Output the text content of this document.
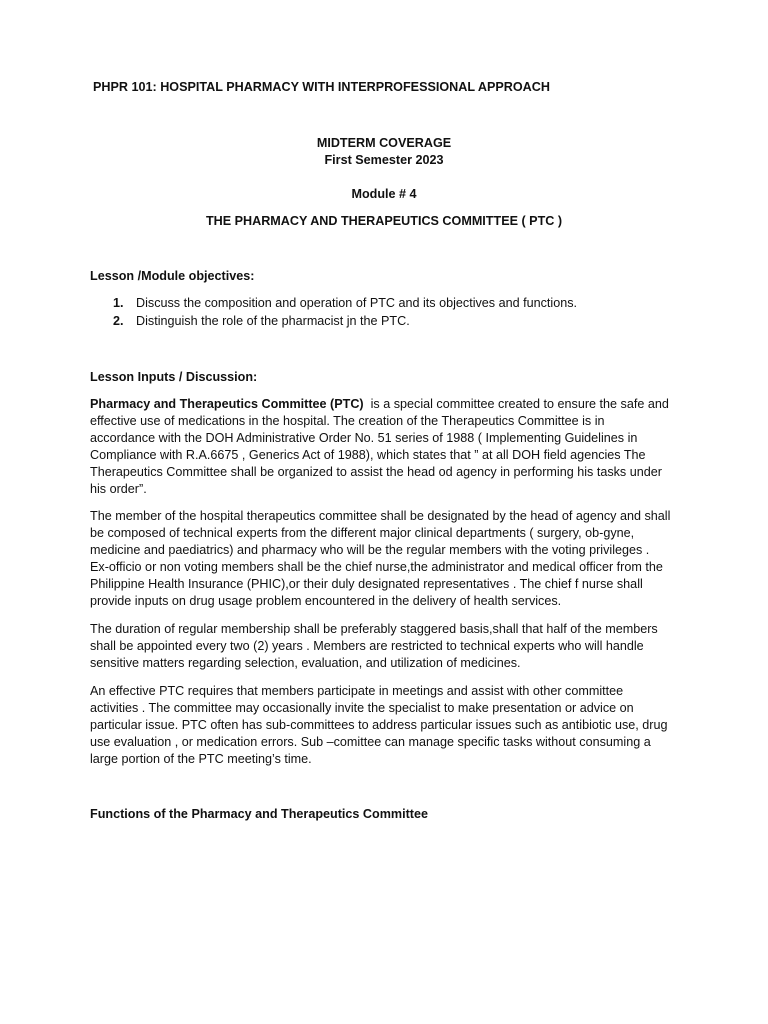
PHPR 101: HOSPITAL PHARMACY WITH INTERPROFESSIONAL APPROACH
MIDTERM COVERAGE
First Semester 2023
Module # 4
THE PHARMACY AND THERAPEUTICS COMMITTEE ( PTC )
Lesson /Module objectives:
1. Discuss the composition and operation of PTC and its objectives and functions.
2. Distinguish the role of the pharmacist jn the PTC.
Lesson Inputs / Discussion:
Pharmacy and Therapeutics Committee (PTC)  is a special committee created to ensure the safe and
effective use of medications in the hospital. The creation of the Therapeutics Committee is in
accordance with the DOH Administrative Order No. 51 series of 1988 ( Implementing Guidelines in
Compliance with R.A.6675 , Generics Act of 1988), which states that ” at all DOH field agencies The
Therapeutics Committee shall be organized to assist the head od agency in performing his tasks under
his order”.
The member of the hospital therapeutics committee shall be designated by the head of agency and shall
be composed of technical experts from the different major clinical departments ( surgery, ob-gyne,
medicine and paediatrics) and pharmacy who will be the regular members with the voting privileges .
Ex-officio or non voting members shall be the chief nurse,the administrator and medical officer from the
Philippine Health Insurance (PHIC),or their duly designated representatives . The chief f nurse shall
provide inputs on drug usage problem encountered in the delivery of health services.
The duration of regular membership shall be preferably staggered basis,shall that half of the members
shall be appointed every two (2) years . Members are restricted to technical experts who will handle
sensitive matters regarding selection, evaluation, and utilization of medicines.
An effective PTC requires that members participate in meetings and assist with other committee
activities . The committee may occasionally invite the specialist to make presentation or advice on
particular issue. PTC often has sub-committees to address particular issues such as antibiotic use, drug
use evaluation , or medication errors. Sub –comittee can manage specific tasks without consuming a
large portion of the PTC meeting’s time.
Functions of the Pharmacy and Therapeutics Committee
